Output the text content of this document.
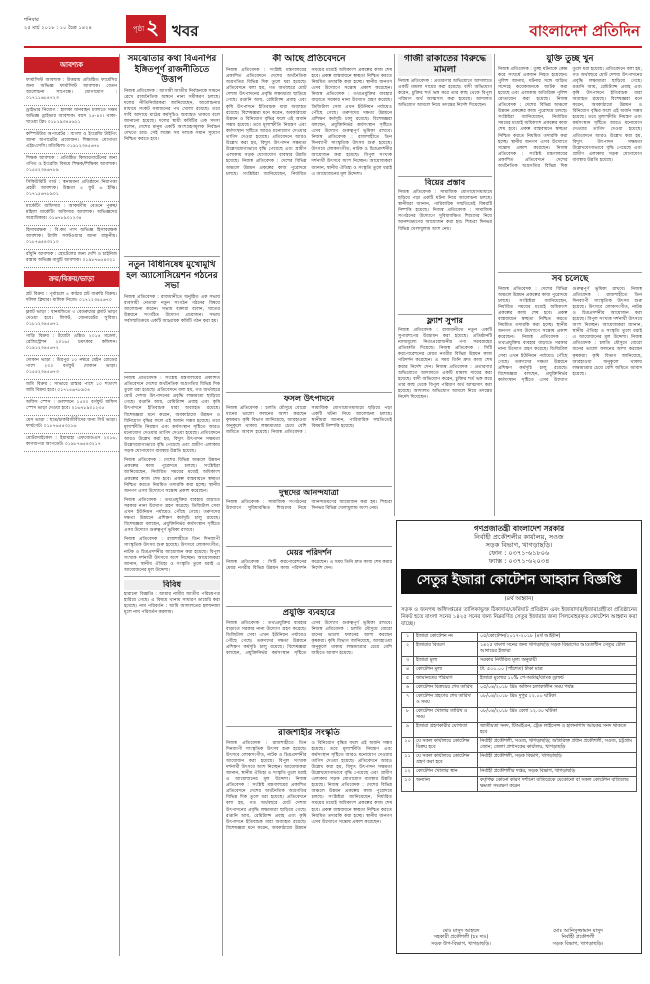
শনিবার
২৫ মার্চ ২০১৮ : ১০ চৈত্র ১৪২৪	পৃষ্ঠা ২ খবর	বাংলাদেশ প্রতিদিন
আবশ্যক
ফার্মাসিস্ট আবশ্যক : উত্তরায় প্রতিষ্ঠিত ফার্মেসির জন্য অভিজ্ঞ ফার্মাসিস্ট আবশ্যক। বেতন আলোচনা সাপেক্ষে। যোগাযোগ : ০১৭১১৬৮৪৭২৩
ড্রাইভার নিয়োগ : হালকা যানবাহন চালাতে সক্ষম অভিজ্ঞ ড্রাইভার আবশ্যক। বয়স ২৫-৪০। থাকা-খাওয়া ফ্রি। ০১৮১৯৩৪৫৬২১
কম্পিউটার অপারেটর : বাংলা ও ইংরেজি টাইপিং জানা অপারেটর প্রয়োজন। শিক্ষাগত যোগ্যতা এইচএসসি। মতিঝিল। ০১৯১২৩৪৫৬৭৮
শিক্ষক আবশ্যক : প্রতিষ্ঠিত কিন্ডারগার্টেনের জন্য গণিত ও ইংরেজি বিষয়ে শিক্ষক/শিক্ষিকা আবশ্যক। ০১৫৫২৩৪৬৭৮৯
সিকিউরিটি গার্ড : স্বনামধন্য প্রতিষ্ঠানে নিরাপত্তা প্রহরী আবশ্যক। উচ্চতা ৫ ফুট ৬ ইঞ্চি। ০১৭১৫৬৭৮৯০১
মার্কেটিং অফিসার : আকর্ষণীয় বেতনে পুরুষ/মহিলা মার্কেটিং অফিসার আবশ্যক। অভিজ্ঞদের অগ্রাধিকার। ০১৬৭৮৯০১২৩৪
হিসাবরক্ষক : বি.কম পাস অভিজ্ঞ হিসাবরক্ষক আবশ্যক। ট্যালি সফটওয়্যার জানা বাঞ্ছনীয়। ০১৮৭৬৫৪৩২১০
রাঁধুনি আবশ্যক : হোটেলের জন্য দেশি ও চাইনিজ রান্নায় অভিজ্ঞ বাবুর্চি আবশ্যক। ০১৯৮৭৬৫৪৩২১
ক্রয়/বিক্রয়/ভাড়া
প্লট বিক্রয় : পূর্বাচলে ৫ কাঠার প্লট জরুরি বিক্রয়। দলিল ক্লিয়ার। মালিক নিজে। ০১৭১২৩৪৫৬৭০
ফ্ল্যাট ভাড়া : ধানমন্ডিতে ৩ বেডরুমের ফ্ল্যাট ভাড়া দেওয়া হবে। লিফট, জেনারেটর সুবিধা। ০১৮১২৩৪৫৬৭১
গাড়ি বিক্রয় : টয়োটা এক্সিও ২০১৪ মডেল, রেজিস্ট্রেশন ২০১৬। চমৎকার কন্ডিশন। ০১৯১২৩৪৫৬৭২
দোকান ভাড়া : মিরপুর ১০ নম্বরে মেইন রোডের পাশে ২০০ বর্গফুট দোকান ভাড়া। ০১৫৫২৩৪৫৬৭৩
জমি বিক্রয় : সাভারে রাস্তার পাশে ১০ শতাংশ জমি বিক্রয় হবে। ০১৭১৫৬৭৮৯০৪
অফিস স্পেস : গুলশানে ১৫০০ বর্গফুট অফিস স্পেস ভাড়া দেওয়া হবে। ০১৬৭৮৯০১২৩৫
মেস ভাড়া : ছাত্র/চাকরিজীবীদের জন্য সিট ভাড়া। ফার্মগেট। ০১৮৭৬৫৪৩২১৬
মোটরসাইকেল : ইয়ামাহা এফজেডএস ২০১৬, কাগজপত্র আপডেট। ০১৯৮৭৬৫৪৩২১৭
সমঝোতার কথা বিএনপির ইঙ্গিতপূর্ণ রাজনীতিতে উত্তাপ
নিজস্ব প্রতিবেদক : আগামী জাতীয় নির্বাচনকে সামনে রেখে রাজনৈতিক অঙ্গনে নানা সমীকরণ চলছে। দলের নীতিনির্ধারকরা জানিয়েছেন, আলোচনার মাধ্যমে সংকট সমাধানের পথ খোলা রয়েছে। তবে দাবি আদায়ে মাঠের কর্মসূচিও অব্যাহত থাকবে বলে জানানো হয়েছে। দলের স্থায়ী কমিটির এক সদস্য বলেন, দেশের মানুষ একটি অংশগ্রহণমূলক নির্বাচন দেখতে চায়। সেই লক্ষ্যে সব দলকে সমান সুযোগ নিশ্চিত করতে হবে।
নতুন বিধিনিষেধ মুখোমুখি হল অ্যাসোসিয়েশন গঠনের সভা
নিজস্ব প্রতিবেদক : রাজধানীতে অনুষ্ঠিত এক সভায় ব্যবসায়ী নেতারা নতুন সংগঠন গঠনের বিষয়ে আলোচনা করেন। সভায় বক্তারা বলেন, খাতের উন্নয়নে সংগঠিত উদ্যোগ প্রয়োজন। সভায় সর্বসম্মতিক্রমে একটি আহ্বায়ক কমিটি গঠন করা হয়।
নিজস্ব প্রতিবেদক : সংশ্লিষ্ট মন্ত্রণালয়ের প্রকাশিত প্রতিবেদনে দেশের অর্থনৈতিক অগ্রগতির বিভিন্ন দিক তুলে ধরা হয়েছে। প্রতিবেদনে বলা হয়, গত অর্থবছরে মোট দেশজ উৎপাদনের প্রবৃদ্ধি লক্ষ্যমাত্রা ছাড়িয়ে গেছে। রপ্তানি আয়, রেমিট্যান্স প্রবাহ এবং কৃষি উৎপাদনে ইতিবাচক ধারা অব্যাহত রয়েছে। বিশেষজ্ঞরা মনে করেন, অবকাঠামো উন্নয়ন ও বিনিয়োগ বৃদ্ধির ফলে এই অর্জন সম্ভব হয়েছে। তবে মূল্যস্ফীতি নিয়ন্ত্রণ এবং কর্মসংস্থান সৃষ্টিতে আরও মনোযোগ দেওয়ার তাগিদ দেওয়া হয়েছে। প্রতিবেদনে আরও উল্লেখ করা হয়, বিদ্যুৎ উৎপাদন সক্ষমতা উল্লেখযোগ্যভাবে বৃদ্ধি পেয়েছে এবং গ্রামীণ এলাকায় সড়ক যোগাযোগ ব্যবস্থার উন্নতি হয়েছে।
নিজস্ব প্রতিবেদক : দেশের বিভিন্ন অঞ্চলে উন্নয়ন প্রকল্পের কাজ পুরোদমে চলছে। সংশ্লিষ্টরা জানিয়েছেন, নির্ধারিত সময়ের মধ্যেই অধিকাংশ প্রকল্পের কাজ শেষ হবে। প্রকল্প বাস্তবায়নে স্বচ্ছতা নিশ্চিত করতে নিয়মিত তদারকি করা হচ্ছে। স্থানীয় জনগণ এসব উদ্যোগে সন্তোষ প্রকাশ করেছেন।
নিজস্ব প্রতিবেদক : তথ্যপ্রযুক্তির ব্যবহার বাড়াতে সরকার নানা উদ্যোগ গ্রহণ করেছে। ডিজিটাল সেবা এখন ইউনিয়ন পর্যায়েও পৌঁছে গেছে। তরুণদের দক্ষতা উন্নয়নে প্রশিক্ষণ কর্মসূচি চালু রয়েছে। বিশেষজ্ঞরা বলছেন, প্রযুক্তিনির্ভর কর্মসংস্থান সৃষ্টিতে এসব উদ্যোগ গুরুত্বপূর্ণ ভূমিকা রাখবে।
নিজস্ব প্রতিবেদক : রাজশাহীতে তিন দিনব্যাপী সাংস্কৃতিক উৎসব শুরু হয়েছে। উৎসবে লোকসংগীত, নাটক ও চিত্রপ্রদর্শনীর আয়োজন করা হয়েছে। বিপুল সংখ্যক দর্শনার্থী উৎসবে অংশ নিচ্ছেন। আয়োজকরা জানান, স্থানীয় ঐতিহ্য ও সংস্কৃতি তুলে ধরাই এ আয়োজনের মূল উদ্দেশ্য।
বিবিধ
হারানো বিজ্ঞপ্তি : আমার নামীয় জাতীয় পরিচয়পত্র হারিয়ে গেছে। এ বিষয়ে থানায় সাধারণ ডায়েরি করা হয়েছে। নাম পরিবর্তন : আমি আদালতের হলফনামা মূলে নাম পরিবর্তন করলাম।
কী আছে প্রতিবেদনে
নিজস্ব প্রতিবেদক : সংশ্লিষ্ট মন্ত্রণালয়ের প্রকাশিত প্রতিবেদনে দেশের অর্থনৈতিক অগ্রগতির বিভিন্ন দিক তুলে ধরা হয়েছে। প্রতিবেদনে বলা হয়, গত অর্থবছরে মোট দেশজ উৎপাদনের প্রবৃদ্ধি লক্ষ্যমাত্রা ছাড়িয়ে গেছে। রপ্তানি আয়, রেমিট্যান্স প্রবাহ এবং কৃষি উৎপাদনে ইতিবাচক ধারা অব্যাহত রয়েছে। বিশেষজ্ঞরা মনে করেন, অবকাঠামো উন্নয়ন ও বিনিয়োগ বৃদ্ধির ফলে এই অর্জন সম্ভব হয়েছে। তবে মূল্যস্ফীতি নিয়ন্ত্রণ এবং কর্মসংস্থান সৃষ্টিতে আরও মনোযোগ দেওয়ার তাগিদ দেওয়া হয়েছে। প্রতিবেদনে আরও উল্লেখ করা হয়, বিদ্যুৎ উৎপাদন সক্ষমতা উল্লেখযোগ্যভাবে বৃদ্ধি পেয়েছে এবং গ্রামীণ এলাকায় সড়ক যোগাযোগ ব্যবস্থার উন্নতি হয়েছে। নিজস্ব প্রতিবেদক : দেশের বিভিন্ন অঞ্চলে উন্নয়ন প্রকল্পের কাজ পুরোদমে চলছে। সংশ্লিষ্টরা জানিয়েছেন, নির্ধারিত সময়ের মধ্যেই অধিকাংশ প্রকল্পের কাজ শেষ হবে। প্রকল্প বাস্তবায়নে স্বচ্ছতা নিশ্চিত করতে নিয়মিত তদারকি করা হচ্ছে। স্থানীয় জনগণ এসব উদ্যোগে সন্তোষ প্রকাশ করেছেন। নিজস্ব প্রতিবেদক : তথ্যপ্রযুক্তির ব্যবহার বাড়াতে সরকার নানা উদ্যোগ গ্রহণ করেছে। ডিজিটাল সেবা এখন ইউনিয়ন পর্যায়েও পৌঁছে গেছে। তরুণদের দক্ষতা উন্নয়নে প্রশিক্ষণ কর্মসূচি চালু রয়েছে। বিশেষজ্ঞরা বলছেন, প্রযুক্তিনির্ভর কর্মসংস্থান সৃষ্টিতে এসব উদ্যোগ গুরুত্বপূর্ণ ভূমিকা রাখবে। নিজস্ব প্রতিবেদক : রাজশাহীতে তিন দিনব্যাপী সাংস্কৃতিক উৎসব শুরু হয়েছে। উৎসবে লোকসংগীত, নাটক ও চিত্রপ্রদর্শনীর আয়োজন করা হয়েছে। বিপুল সংখ্যক দর্শনার্থী উৎসবে অংশ নিচ্ছেন। আয়োজকরা জানান, স্থানীয় ঐতিহ্য ও সংস্কৃতি তুলে ধরাই এ আয়োজনের মূল উদ্দেশ্য।
ফসল উৎপাদনে
নিজস্ব প্রতিবেদক : চলতি মৌসুমে বোরো ধানের ভালো ফলনের আশা করছেন কৃষকরা। কৃষি বিভাগ জানিয়েছে, আবহাওয়া অনুকূলে থাকায় লক্ষ্যমাত্রার চেয়ে বেশি জমিতে আবাদ হয়েছে। নিজস্ব প্রতিবেদক : সামাজিক যোগাযোগমাধ্যমে ছড়িয়ে পড়া একটি ঘটনা নিয়ে আলোচনা চলছে। স্থানীয়রা জানান, পারিবারিক সম্মতিতেই বিষয়টি নিষ্পত্তি হয়েছে।
দুস্থদের আনন্দযাত্রা
নিজস্ব প্রতিবেদক : সামাজিক সংগঠনের উদ্যোগে সুবিধাবঞ্চিত শিশুদের নিয়ে আনন্দভ্রমণের আয়োজন করা হয়। শিশুরা দিনভর বিভিন্ন খেলাধুলায় অংশ নেয়।
মেয়র পরিদর্শন
নিজস্ব প্রতিবেদক : সিটি করপোরেশনের মেয়র নগরীর বিভিন্ন উন্নয়ন কাজ পরিদর্শন করেছেন। এ সময় তিনি দ্রুত কাজ শেষ করার নির্দেশ দেন।
প্রযুক্তি ব্যবহারে
নিজস্ব প্রতিবেদক : তথ্যপ্রযুক্তির ব্যবহার বাড়াতে সরকার নানা উদ্যোগ গ্রহণ করেছে। ডিজিটাল সেবা এখন ইউনিয়ন পর্যায়েও পৌঁছে গেছে। তরুণদের দক্ষতা উন্নয়নে প্রশিক্ষণ কর্মসূচি চালু রয়েছে। বিশেষজ্ঞরা বলছেন, প্রযুক্তিনির্ভর কর্মসংস্থান সৃষ্টিতে এসব উদ্যোগ গুরুত্বপূর্ণ ভূমিকা রাখবে। নিজস্ব প্রতিবেদক : চলতি মৌসুমে বোরো ধানের ভালো ফলনের আশা করছেন কৃষকরা। কৃষি বিভাগ জানিয়েছে, আবহাওয়া অনুকূলে থাকায় লক্ষ্যমাত্রার চেয়ে বেশি জমিতে আবাদ হয়েছে।
রাজশাহীর সংস্কৃতি
নিজস্ব প্রতিবেদক : রাজশাহীতে তিন দিনব্যাপী সাংস্কৃতিক উৎসব শুরু হয়েছে। উৎসবে লোকসংগীত, নাটক ও চিত্রপ্রদর্শনীর আয়োজন করা হয়েছে। বিপুল সংখ্যক দর্শনার্থী উৎসবে অংশ নিচ্ছেন। আয়োজকরা জানান, স্থানীয় ঐতিহ্য ও সংস্কৃতি তুলে ধরাই এ আয়োজনের মূল উদ্দেশ্য। নিজস্ব প্রতিবেদক : সংশ্লিষ্ট মন্ত্রণালয়ের প্রকাশিত প্রতিবেদনে দেশের অর্থনৈতিক অগ্রগতির বিভিন্ন দিক তুলে ধরা হয়েছে। প্রতিবেদনে বলা হয়, গত অর্থবছরে মোট দেশজ উৎপাদনের প্রবৃদ্ধি লক্ষ্যমাত্রা ছাড়িয়ে গেছে। রপ্তানি আয়, রেমিট্যান্স প্রবাহ এবং কৃষি উৎপাদনে ইতিবাচক ধারা অব্যাহত রয়েছে। বিশেষজ্ঞরা মনে করেন, অবকাঠামো উন্নয়ন ও বিনিয়োগ বৃদ্ধির ফলে এই অর্জন সম্ভব হয়েছে। তবে মূল্যস্ফীতি নিয়ন্ত্রণ এবং কর্মসংস্থান সৃষ্টিতে আরও মনোযোগ দেওয়ার তাগিদ দেওয়া হয়েছে। প্রতিবেদনে আরও উল্লেখ করা হয়, বিদ্যুৎ উৎপাদন সক্ষমতা উল্লেখযোগ্যভাবে বৃদ্ধি পেয়েছে এবং গ্রামীণ এলাকায় সড়ক যোগাযোগ ব্যবস্থার উন্নতি হয়েছে। নিজস্ব প্রতিবেদক : দেশের বিভিন্ন অঞ্চলে উন্নয়ন প্রকল্পের কাজ পুরোদমে চলছে। সংশ্লিষ্টরা জানিয়েছেন, নির্ধারিত সময়ের মধ্যেই অধিকাংশ প্রকল্পের কাজ শেষ হবে। প্রকল্প বাস্তবায়নে স্বচ্ছতা নিশ্চিত করতে নিয়মিত তদারকি করা হচ্ছে। স্থানীয় জনগণ এসব উদ্যোগে সন্তোষ প্রকাশ করেছেন।
গাজী রাকাতের বিরুদ্ধে মামলা
নিজস্ব প্রতিবেদক : প্রতারণার অভিযোগে আদালতে একটি মামলা দায়ের করা হয়েছে। বাদী অভিযোগ করেন, চুক্তির শর্ত ভঙ্গ করে তার কাছ থেকে বিপুল পরিমাণ অর্থ আত্মসাৎ করা হয়েছে। আদালত অভিযোগ আমলে নিয়ে তদন্তের নির্দেশ দিয়েছেন।
বিয়ের প্রস্তাব
নিজস্ব প্রতিবেদক : সামাজিক যোগাযোগমাধ্যমে ছড়িয়ে পড়া একটি ঘটনা নিয়ে আলোচনা চলছে। স্থানীয়রা জানান, পারিবারিক সম্মতিতেই বিষয়টি নিষ্পত্তি হয়েছে। নিজস্ব প্রতিবেদক : সামাজিক সংগঠনের উদ্যোগে সুবিধাবঞ্চিত শিশুদের নিয়ে আনন্দভ্রমণের আয়োজন করা হয়। শিশুরা দিনভর বিভিন্ন খেলাধুলায় অংশ নেয়।
ফ্ল্যাশ সুপার
নিজস্ব প্রতিবেদক : রাজধানীতে নতুন একটি সুপারশপের উদ্বোধন করা হয়েছে। প্রতিষ্ঠানটি ন্যায্যমূল্যে নিত্যপ্রয়োজনীয় পণ্য সরবরাহের প্রতিশ্রুতি দিয়েছে। নিজস্ব প্রতিবেদক : সিটি করপোরেশনের মেয়র নগরীর বিভিন্ন উন্নয়ন কাজ পরিদর্শন করেছেন। এ সময় তিনি দ্রুত কাজ শেষ করার নির্দেশ দেন। নিজস্ব প্রতিবেদক : প্রতারণার অভিযোগে আদালতে একটি মামলা দায়ের করা হয়েছে। বাদী অভিযোগ করেন, চুক্তির শর্ত ভঙ্গ করে তার কাছ থেকে বিপুল পরিমাণ অর্থ আত্মসাৎ করা হয়েছে। আদালত অভিযোগ আমলে নিয়ে তদন্তের নির্দেশ দিয়েছেন।
যুক্তি তুচ্ছ খুন
নিজস্ব প্রতিবেদক : তুচ্ছ ঘটনাকে কেন্দ্র করে সংঘর্ষে একজন নিহত হয়েছেন। পুলিশ জানায়, ঘটনার সঙ্গে জড়িত সন্দেহে কয়েকজনকে আটক করা হয়েছে এবং এলাকায় অতিরিক্ত পুলিশ মোতায়েন করা হয়েছে। নিজস্ব প্রতিবেদক : দেশের বিভিন্ন অঞ্চলে উন্নয়ন প্রকল্পের কাজ পুরোদমে চলছে। সংশ্লিষ্টরা জানিয়েছেন, নির্ধারিত সময়ের মধ্যেই অধিকাংশ প্রকল্পের কাজ শেষ হবে। প্রকল্প বাস্তবায়নে স্বচ্ছতা নিশ্চিত করতে নিয়মিত তদারকি করা হচ্ছে। স্থানীয় জনগণ এসব উদ্যোগে সন্তোষ প্রকাশ করেছেন। নিজস্ব প্রতিবেদক : সংশ্লিষ্ট মন্ত্রণালয়ের প্রকাশিত প্রতিবেদনে দেশের অর্থনৈতিক অগ্রগতির বিভিন্ন দিক তুলে ধরা হয়েছে। প্রতিবেদনে বলা হয়, গত অর্থবছরে মোট দেশজ উৎপাদনের প্রবৃদ্ধি লক্ষ্যমাত্রা ছাড়িয়ে গেছে। রপ্তানি আয়, রেমিট্যান্স প্রবাহ এবং কৃষি উৎপাদনে ইতিবাচক ধারা অব্যাহত রয়েছে। বিশেষজ্ঞরা মনে করেন, অবকাঠামো উন্নয়ন ও বিনিয়োগ বৃদ্ধির ফলে এই অর্জন সম্ভব হয়েছে। তবে মূল্যস্ফীতি নিয়ন্ত্রণ এবং কর্মসংস্থান সৃষ্টিতে আরও মনোযোগ দেওয়ার তাগিদ দেওয়া হয়েছে। প্রতিবেদনে আরও উল্লেখ করা হয়, বিদ্যুৎ উৎপাদন সক্ষমতা উল্লেখযোগ্যভাবে বৃদ্ধি পেয়েছে এবং গ্রামীণ এলাকায় সড়ক যোগাযোগ ব্যবস্থার উন্নতি হয়েছে।
সব চলেছে
নিজস্ব প্রতিবেদক : দেশের বিভিন্ন অঞ্চলে উন্নয়ন প্রকল্পের কাজ পুরোদমে চলছে। সংশ্লিষ্টরা জানিয়েছেন, নির্ধারিত সময়ের মধ্যেই অধিকাংশ প্রকল্পের কাজ শেষ হবে। প্রকল্প বাস্তবায়নে স্বচ্ছতা নিশ্চিত করতে নিয়মিত তদারকি করা হচ্ছে। স্থানীয় জনগণ এসব উদ্যোগে সন্তোষ প্রকাশ করেছেন। নিজস্ব প্রতিবেদক : তথ্যপ্রযুক্তির ব্যবহার বাড়াতে সরকার নানা উদ্যোগ গ্রহণ করেছে। ডিজিটাল সেবা এখন ইউনিয়ন পর্যায়েও পৌঁছে গেছে। তরুণদের দক্ষতা উন্নয়নে প্রশিক্ষণ কর্মসূচি চালু রয়েছে। বিশেষজ্ঞরা বলছেন, প্রযুক্তিনির্ভর কর্মসংস্থান সৃষ্টিতে এসব উদ্যোগ গুরুত্বপূর্ণ ভূমিকা রাখবে। নিজস্ব প্রতিবেদক : রাজশাহীতে তিন দিনব্যাপী সাংস্কৃতিক উৎসব শুরু হয়েছে। উৎসবে লোকসংগীত, নাটক ও চিত্রপ্রদর্শনীর আয়োজন করা হয়েছে। বিপুল সংখ্যক দর্শনার্থী উৎসবে অংশ নিচ্ছেন। আয়োজকরা জানান, স্থানীয় ঐতিহ্য ও সংস্কৃতি তুলে ধরাই এ আয়োজনের মূল উদ্দেশ্য। নিজস্ব প্রতিবেদক : চলতি মৌসুমে বোরো ধানের ভালো ফলনের আশা করছেন কৃষকরা। কৃষি বিভাগ জানিয়েছে, আবহাওয়া অনুকূলে থাকায় লক্ষ্যমাত্রার চেয়ে বেশি জমিতে আবাদ হয়েছে।
গণপ্রজাতন্ত্রী বাংলাদেশ সরকার
নির্বাহী প্রকৌশলীর কার্যালয়, সওজ
সড়ক বিভাগ, খাগড়াছড়ি।
ফোন : ০৩৭১-৬১৮০৬
ফ্যাক্স : ০৩৭১-৬২০৩৪
সেতুর ইজারা কোটেশন আহ্বান বিজ্ঞপ্তি
(৪র্থ আহ্বান)
সড়ক ও জনপথ অধিদপ্তরের তালিকাভুক্ত ঠিকাদার/ফেরিঘাট প্রতিষ্ঠান এবং ইজারাদার/ইজারাগ্রহীতা প্রতিষ্ঠানের নিকট হতে বাংলা সনের ১৪২৫ সনের জন্য নিম্নবর্ণিত সেতুর ইজারার জন্য সিলমোহরকৃত কোটেশন আহ্বান করা যাচ্ছে।
১	ইজারা কোটেশন নং	০৫/কোটেশন/২০১৭-২০১৮ (৪র্থ আহ্বান)
২	ইজারার বিবরণ	১৪২৫ বাংলা সনের জন্য খাগড়াছড়ি সড়ক বিভাগের আওতাধীন সেতুর টোল আদায়ের ইজারা
৩	ইজারা মূল্য	সরকার নির্ধারিত মূল্য অনুযায়ী
৪	কোটেশন মূল্য	টা. ৫০০.০০ (পাঁচশত) টাকা মাত্র
৫	জামানতের পরিমাণ	ইজারা মূল্যের ১০% পে-অর্ডার/ব্যাংক ড্রাফট
৬	কোটেশন বিক্রয়ের শেষ তারিখ	০৫/০৪/২০১৮ খ্রিঃ অফিস চলাকালীন সময় পর্যন্ত
৭	কোটেশন গ্রহণের শেষ তারিখ ও সময়	০৮/০৪/২০১৮ খ্রিঃ দুপুর ১২.০০ ঘটিকা
৮	কোটেশন খোলার তারিখ ও সময়	০৮/০৪/২০১৮ খ্রিঃ বেলা ১২.৩০ ঘটিকা
৯	ইজারা গ্রহণকারীর যোগ্যতা	জাতীয়তা সনদ, টিআইএন, ট্রেড লাইসেন্স ও হালনাগাদ আয়কর সনদ থাকতে হবে
১০	যে সকল কার্যালয়ে কোটেশন বিক্রয় হবে	নির্বাহী প্রকৌশলী, সওজ, খাগড়াছড়ি; অতিরিক্ত প্রধান প্রকৌশলী, সওজ, চট্টগ্রাম জোন; জেলা প্রশাসকের কার্যালয়, খাগড়াছড়ি
১১	যে সকল কার্যালয়ে কোটেশন গ্রহণ করা হবে	নির্বাহী প্রকৌশলী, সড়ক বিভাগ, খাগড়াছড়ি
১২	কোটেশন খোলার স্থান	নির্বাহী প্রকৌশলীর দপ্তর, সড়ক বিভাগ, খাগড়াছড়ি
১৩	অন্যান্য	কর্তৃপক্ষ কোনো কারণ দর্শানো ব্যতিরেকে যেকোনো বা সকল কোটেশন বাতিলের ক্ষমতা সংরক্ষণ করেন
মোঃ মাসুদ আহম্মদ
সহকারী প্রকৌশলী (চঃ দাঃ)
সড়ক উপ-বিভাগ, খাগড়াছড়ি।
মোঃ আনিসুজ্জামান মাসুদ
নির্বাহী প্রকৌশলী
সড়ক বিভাগ, খাগড়াছড়ি।
